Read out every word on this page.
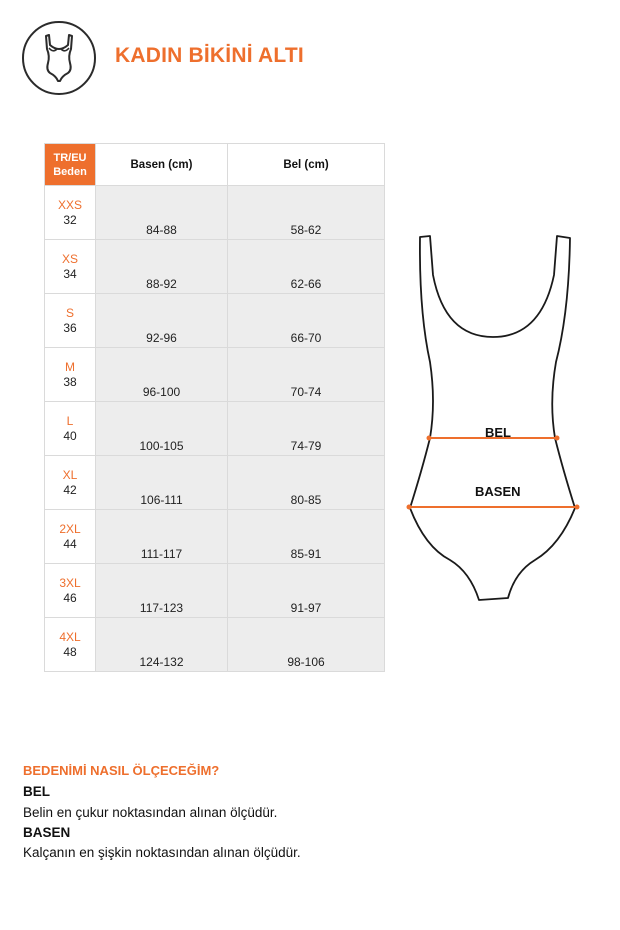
KADIN BİKİNİ ALTI
TR/EU
Beden	Basen (cm)	Bel (cm)

XXS
32	84-88	58-62

XS
34	88-92	62-66

S
36	92-96	66-70

M
38	96-100	70-74

L
40	100-105	74-79

XL
42	106-111	80-85

2XL
44	111-117	85-91

3XL
46	117-123	91-97

4XL
48	124-132	98-106
BEL
BASEN
BEDENİMİ NASIL ÖLÇECEĞİM?
BEL
Belin en çukur noktasından alınan ölçüdür.
BASEN
Kalçanın en şişkin noktasından alınan ölçüdür.
